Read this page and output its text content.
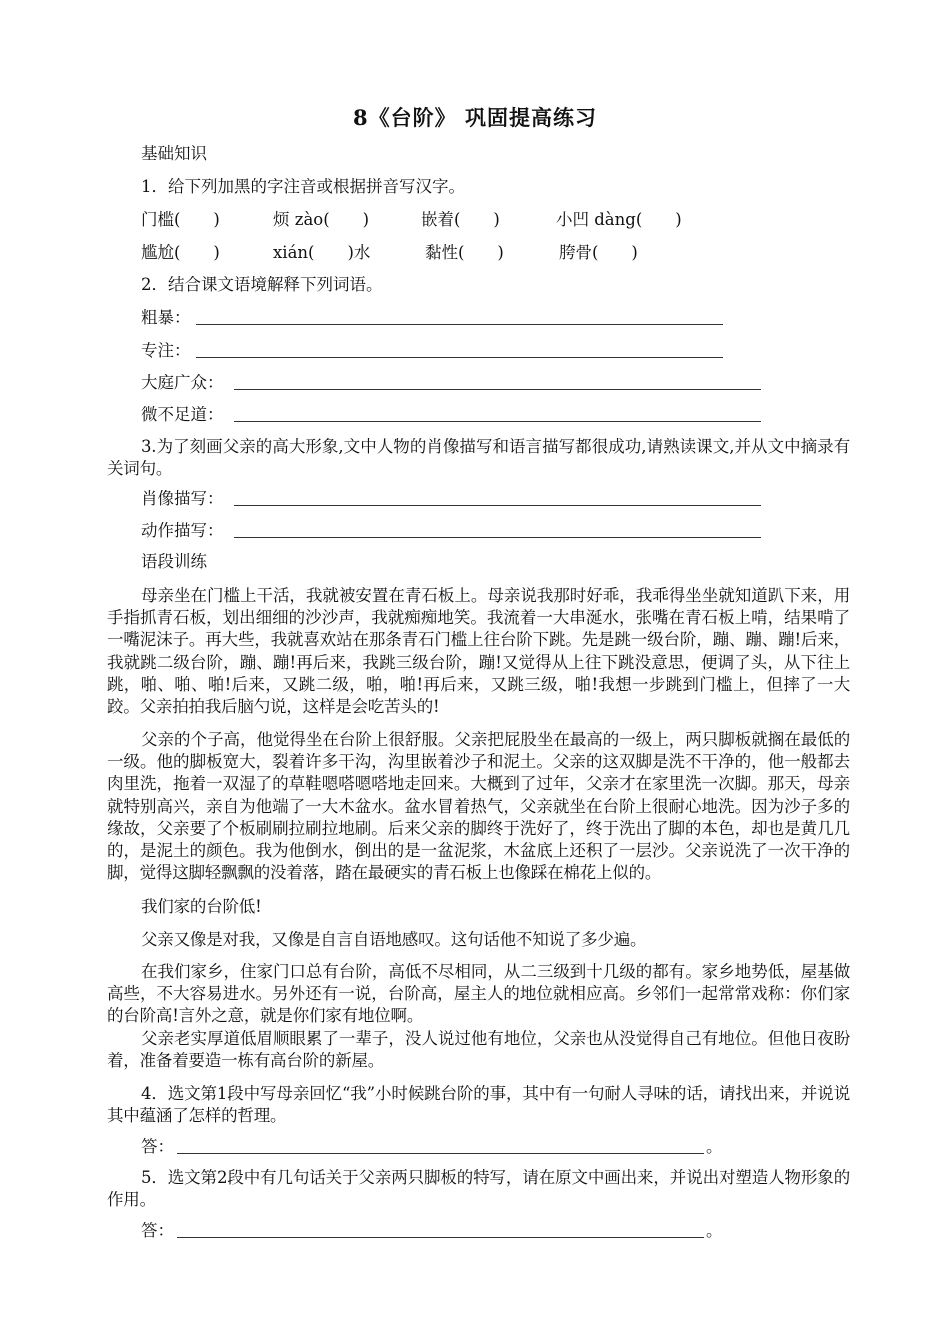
8《台阶》 巩固提高练习
基础知识
1．给下列加黑的字注音或根据拼音写汉字。
门槛(　　)	烦 zào(　　)	嵌着(　　)	小凹 dàng(　　)
尴尬(　　)	xián(　　)水	黏性(　　)	胯骨(　　)
2．结合课文语境解释下列词语。
粗暴：
专注：
大庭广众：
微不足道：
3.为了刻画父亲的高大形象,文中人物的肖像描写和语言描写都很成功,请熟读课文,并从文中摘录有关词句。
肖像描写：
动作描写：
语段训练
母亲坐在门槛上干活，我就被安置在青石板上。母亲说我那时好乖，我乖得坐坐就知道趴下来，用手指抓青石板，划出细细的沙沙声，我就痴痴地笑。我流着一大串涎水，张嘴在青石板上啃，结果啃了一嘴泥沫子。再大些，我就喜欢站在那条青石门槛上往台阶下跳。先是跳一级台阶，蹦、蹦、蹦!后来，我就跳二级台阶，蹦、蹦!再后来，我跳三级台阶，蹦!又觉得从上往下跳没意思，便调了头，从下往上跳，啪、啪、啪!后来，又跳二级，啪，啪!再后来，又跳三级，啪!我想一步跳到门槛上，但摔了一大跤。父亲拍拍我后脑勺说，这样是会吃苦头的!
父亲的个子高，他觉得坐在台阶上很舒服。父亲把屁股坐在最高的一级上，两只脚板就搁在最低的一级。他的脚板宽大，裂着许多干沟，沟里嵌着沙子和泥土。父亲的这双脚是洗不干净的，他一般都去肉里洗，拖着一双湿了的草鞋嗯嗒嗯嗒地走回来。大概到了过年，父亲才在家里洗一次脚。那天，母亲就特别高兴，亲自为他端了一大木盆水。盆水冒着热气，父亲就坐在台阶上很耐心地洗。因为沙子多的缘故，父亲要了个板刷刷拉刷拉地刷。后来父亲的脚终于洗好了，终于洗出了脚的本色，却也是黄几几的，是泥土的颜色。我为他倒水，倒出的是一盆泥浆，木盆底上还积了一层沙。父亲说洗了一次干净的脚，觉得这脚轻飘飘的没着落，踏在最硬实的青石板上也像踩在棉花上似的。
我们家的台阶低!
父亲又像是对我，又像是自言自语地感叹。这句话他不知说了多少遍。
在我们家乡，住家门口总有台阶，高低不尽相同，从二三级到十几级的都有。家乡地势低，屋基做高些，不大容易进水。另外还有一说，台阶高，屋主人的地位就相应高。乡邻们一起常常戏称：你们家的台阶高!言外之意，就是你们家有地位啊。
父亲老实厚道低眉顺眼累了一辈子，没人说过他有地位，父亲也从没觉得自己有地位。但他日夜盼着，准备着要造一栋有高台阶的新屋。
4．选文第1段中写母亲回忆“我”小时候跳台阶的事，其中有一句耐人寻味的话，请找出来，并说说其中蕴涵了怎样的哲理。
答：	。
5．选文第2段中有几句话关于父亲两只脚板的特写，请在原文中画出来，并说出对塑造人物形象的作用。
答：	。
